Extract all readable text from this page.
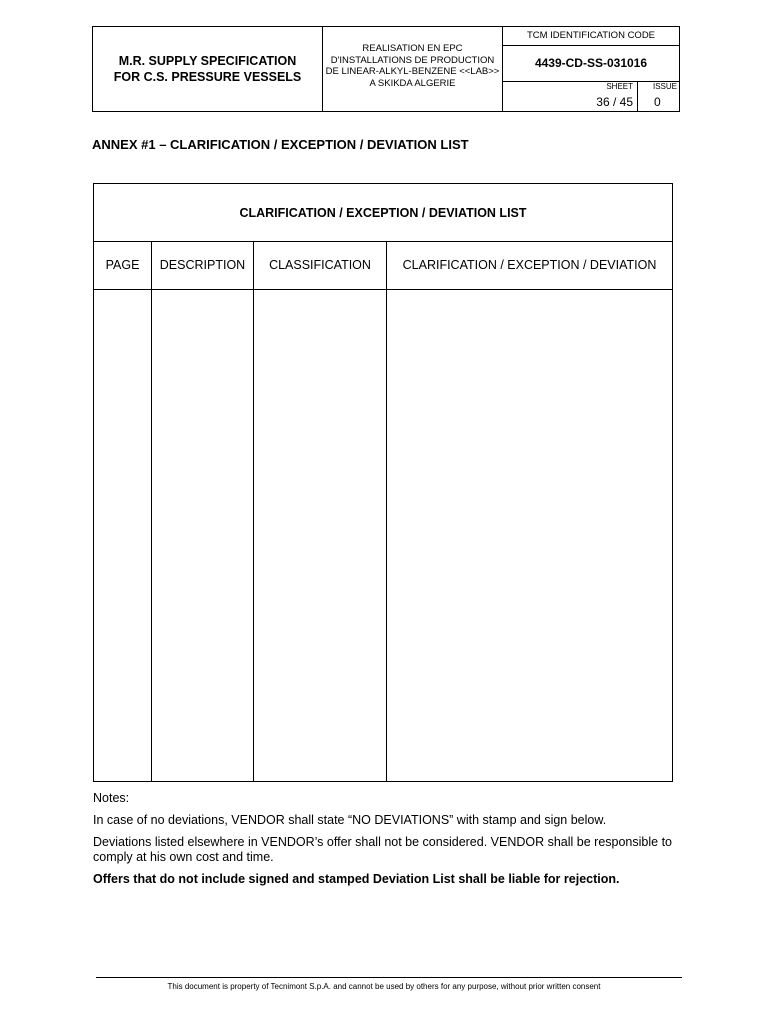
M.R. SUPPLY SPECIFICATION
FOR C.S. PRESSURE VESSELS
REALISATION EN EPC
D'INSTALLATIONS DE PRODUCTION
DE LINEAR-ALKYL-BENZENE <<LAB>>
A SKIKDA ALGERIE
TCM IDENTIFICATION CODE
4439-CD-SS-031016
SHEET
36 / 45
ISSUE
0
ANNEX #1 – CLARIFICATION / EXCEPTION / DEVIATION LIST
CLARIFICATION / EXCEPTION / DEVIATION LIST
PAGE	DESCRIPTION	CLASSIFICATION	CLARIFICATION / EXCEPTION / DEVIATION

Notes:

In case of no deviations, VENDOR shall state “NO DEVIATIONS” with stamp and sign below.

Deviations listed elsewhere in VENDOR’s offer shall not be considered. VENDOR shall be responsible to comply at his own cost and time.

Offers that do not include signed and stamped Deviation List shall be liable for rejection.

This document is property of Tecnimont S.p.A. and cannot be used by others for any purpose, without prior written consent
